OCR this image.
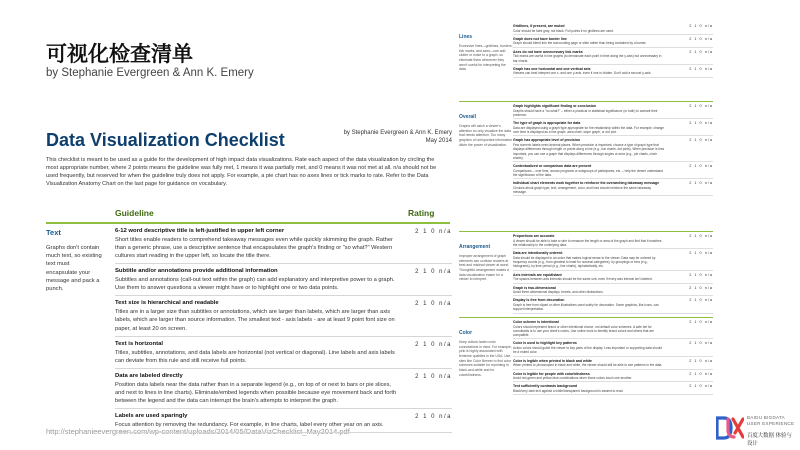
可视化检查清单
by Stephanie Evergreen & Ann K. Emery
http://stephanieevergreen.com/wp-content/uploads/2014/05/DataVizChecklist_May2014.pdf
Data Visualization Checklist	by Stephanie Evergreen & Ann K. Emery
May 2014
This checklist is meant to be used as a guide for the development of high impact data visualizations. Rate each aspect of the data visualization by circling the most appropriate number, where 2 points means the guideline was fully met, 1 means it was partially met, and 0 means it was not met at all. n/a should not be used frequently, but reserved for when the guideline truly does not apply. For example, a pie chart has no axes lines or tick marks to rate. Refer to the Data Visualization Anatomy Chart on the last page for guidance on vocabulary.
Guideline	Rating
Text
Graphs don't contain much text, so existing text must encapsulate your message and pack a punch.
6-12 word descriptive title is left-justified in upper left corner
Short titles enable readers to comprehend takeaway messages even while quickly skimming the graph. Rather than a generic phrase, use a descriptive sentence that encapsulates the graph's finding or "so what?" Western cultures start reading in the upper left, so locate the title there.
2 1 0 n/a
Subtitle and/or annotations provide additional information
Subtitles and annotations (call-out text within the graph) can add explanatory and interpretive power to a graph. Use them to answer questions a viewer might have or to highlight one or two data points.
2 1 0 n/a
Text size is hierarchical and readable
Titles are in a larger size than subtitles or annotations, which are larger than labels, which are larger than axis labels, which are larger than source information. The smallest text - axis labels - are at least 9 point font size on paper, at least 20 on screen.
2 1 0 n/a
Text is horizontal
Titles, subtitles, annotations, and data labels are horizontal (not vertical or diagonal). Line labels and axis labels can deviate from this rule and still receive full points.
2 1 0 n/a
Data are labeled directly
Position data labels near the data rather than in a separate legend (e.g., on top of or next to bars or pie slices, and next to lines in line charts). Eliminate/embed legends when possible because eye movement back and forth between the legend and the data can interrupt the brain's attempts to interpret the graph.
2 1 0 n/a
Labels are used sparingly
Focus attention by removing the redundancy. For example, in line charts, label every other year on an axis.
2 1 0 n/a
Lines
Excessive lines—gridlines, borders, tick marks, and axes—can add clutter or noise to a graph, so eliminate them whenever they aren't useful for interpreting the data.
Gridlines, if present, are muted
Color should be faint gray, not black. Full points if no gridlines are used.
2 1 0 n/a
Graph does not have border line
Graph should bleed into the surrounding page or slide rather than being contained by a border.
2 1 0 n/a
Axes do not have unnecessary tick marks
Tick marks are useful in line graphs (to demarcate each point in time along the y-axis) but unnecessary in bar charts.
2 1 0 n/a
Graph has one horizontal and one vertical axis
Viewers can best interpret one x- and one y-axis, even if one is hidden. Don't add a second y-axis.
2 1 0 n/a
Overall
Graphs will catch a viewer's attention so only visualize the data that needs attention. Too many graphics of unimportant information dilute the power of visualization.
Graph highlights significant finding or conclusion
Graphs should have a "so-what?" – either a practical or statistical significance (or both) to warrant their presence.
2 1 0 n/a
The type of graph is appropriate for data
Data are displayed using a graph type appropriate for the relationship within the data. For example, change over time is displayed as a line graph, area chart, slope graph, or dot plot.
2 1 0 n/a
Graph has appropriate level of precision
Few numeric labels need decimal places. When precision is important, choose a type of graph type that displays differences through length or points along a line (e.g., bar charts, dot plots). When precision is less important, you can use a graph that displays differences through angles or area (e.g., pie charts, circle charts).
2 1 0 n/a
Contextualized or comparison data are present
Comparisons – over time, across programs or subgroups of participants, etc. – help the viewer understand the significance of the data.
2 1 0 n/a
Individual chart elements work together to reinforce the overarching takeaway message
Choices about graph type, text, arrangement, color, and lines should reinforce the same takeaway message.
2 1 0 n/a
Arrangement
Improper arrangement of graph elements can confuse readers at best and mislead viewer at worst. Thoughtful arrangement makes a data visualization easier for a viewer to interpret.
Proportions are accurate
A viewer should be able to take a ruler to measure the length or area of the graph and find that it matches the relationship in the underlying data.
2 1 0 n/a
Data are intentionally ordered
Data should be displayed in an order that makes logical sense to the viewer. Data may be ordered by frequency counts (e.g., from greatest to least for nominal categories), by groupings or bins (e.g., histograms), by time period (e.g., line charts), alphabetically, etc.
2 1 0 n/a
Axis intervals are equidistant
The spaces between axis intervals should be the same unit, even if every axis interval isn't labeled.
2 1 0 n/a
Graph is two-dimensional
Avoid three-dimensional displays, bevels, and other distractions.
2 1 0 n/a
Display is free from decoration
Graph is free from clipart or other illustrations used solely for decoration. Some graphics, like icons, can support interpretation.
2 1 0 n/a
Color
Keep culture-laden color connotations in mind. For example, pink is highly associated with feminine qualities in the USA. Use sites like Color Brewer to find color schemes suitable for reprinting in black-and-white and for colorblindness.
Color scheme is intentional
Colors should represent brand or other intentional choice, not default color schemes. A safe bet for consultants is to use your client's colors. Use online tools to identify brand colors and others that are compatible.
2 1 0 n/a
Color is used to highlight key patterns
Action colors should guide the viewer to key parts of the display. Less important or supporting data should be a muted color.
2 1 0 n/a
Color is legible when printed in black and white
When printed or photocopied in black and white, the viewer should still be able to see patterns in the data.
2 1 0 n/a
Color is legible for people with colorblindness
Avoid red-green and yellow-blue combinations when those colors touch one another.
2 1 0 n/a
Text sufficiently contrasts background
Black/very dark text against a white/transparent background is easiest to read.
2 1 0 n/a
BAIDU BIGDATA
USER EXPERIENCE
百度大数据 体验与设计
